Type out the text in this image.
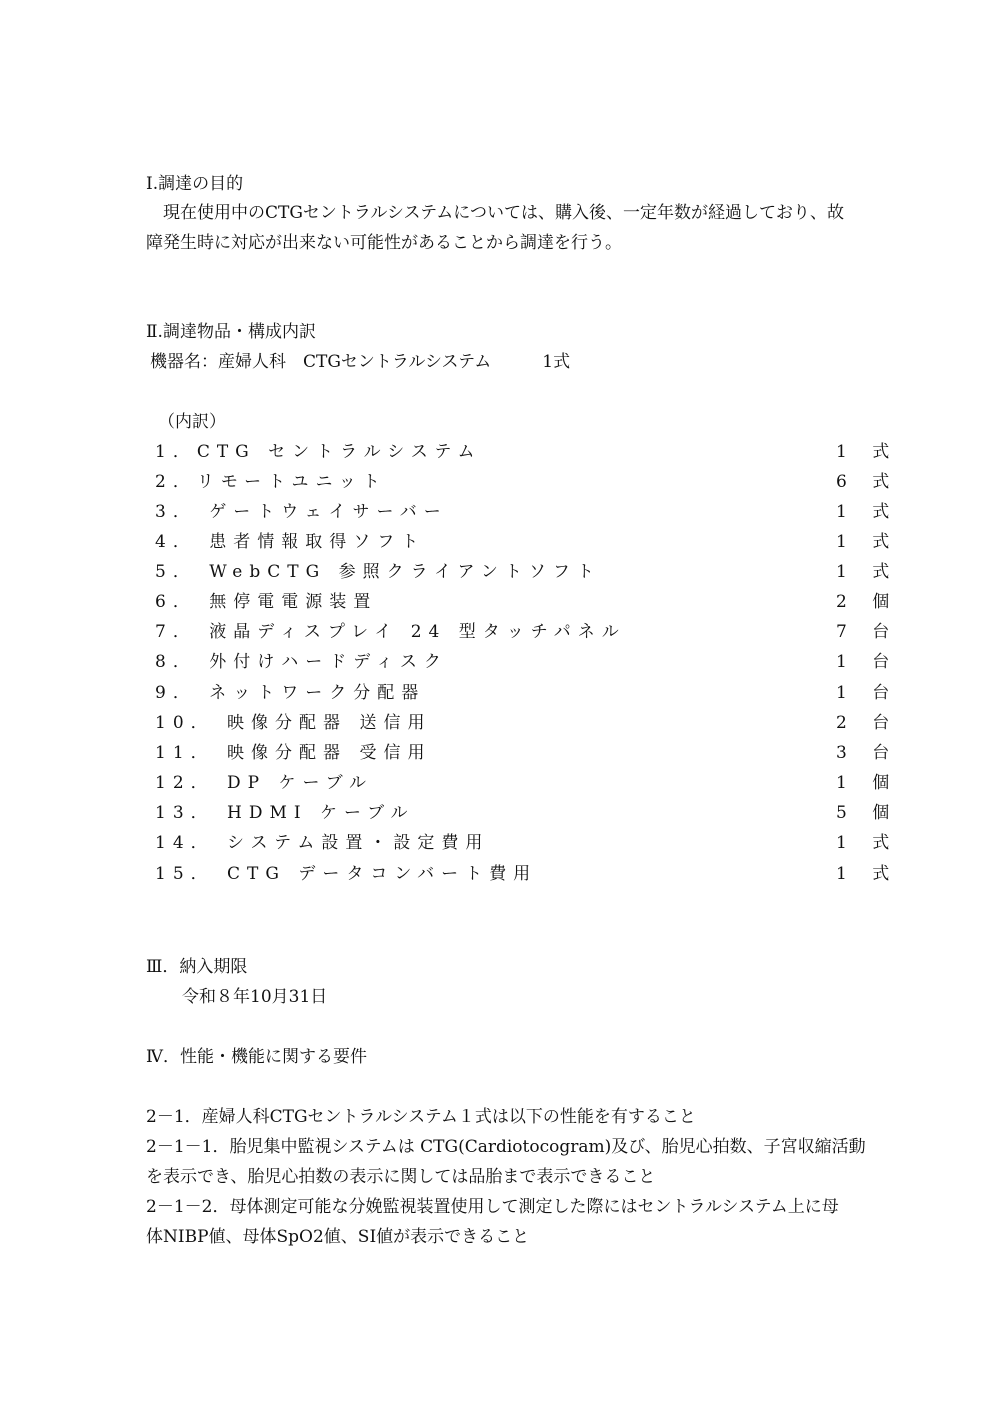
Ⅰ.調達の目的
現在使用中のCTGセントラルシステムについては、購入後、一定年数が経過しており、故
障発生時に対応が出来ない可能性があることから調達を行う。
Ⅱ.調達物品・構成内訳
機器名：産婦人科　CTGセントラルシステム　　　1式
（内訳）
1．CTG セントラルシステム	1 式
2．リモートユニット	6 式
3． ゲートウェイサーバー	1 式
4． 患者情報取得ソフト	1 式
5． WebCTG 参照クライアントソフト	1 式
6． 無停電電源装置	2 個
7． 液晶ディスプレイ 24 型タッチパネル	7 台
8． 外付けハードディスク	1 台
9． ネットワーク分配器	1 台
10． 映像分配器 送信用	2 台
11． 映像分配器 受信用	3 台
12． DP ケーブル	1 個
13． HDMI ケーブル	5 個
14． システム設置・設定費用	1 式
15． CTG データコンバート費用	1 式
Ⅲ．納入期限
令和８年10月31日
Ⅳ．性能・機能に関する要件
2－1．産婦人科CTGセントラルシステム１式は以下の性能を有すること
2－1－1．胎児集中監視システムは CTG(Cardiotocogram)及び、胎児心拍数、子宮収縮活動
を表示でき、胎児心拍数の表示に関しては品胎まで表示できること
2－1－2．母体測定可能な分娩監視装置使用して測定した際にはセントラルシステム上に母
体NIBP値、母体SpO2値、SI値が表示できること
